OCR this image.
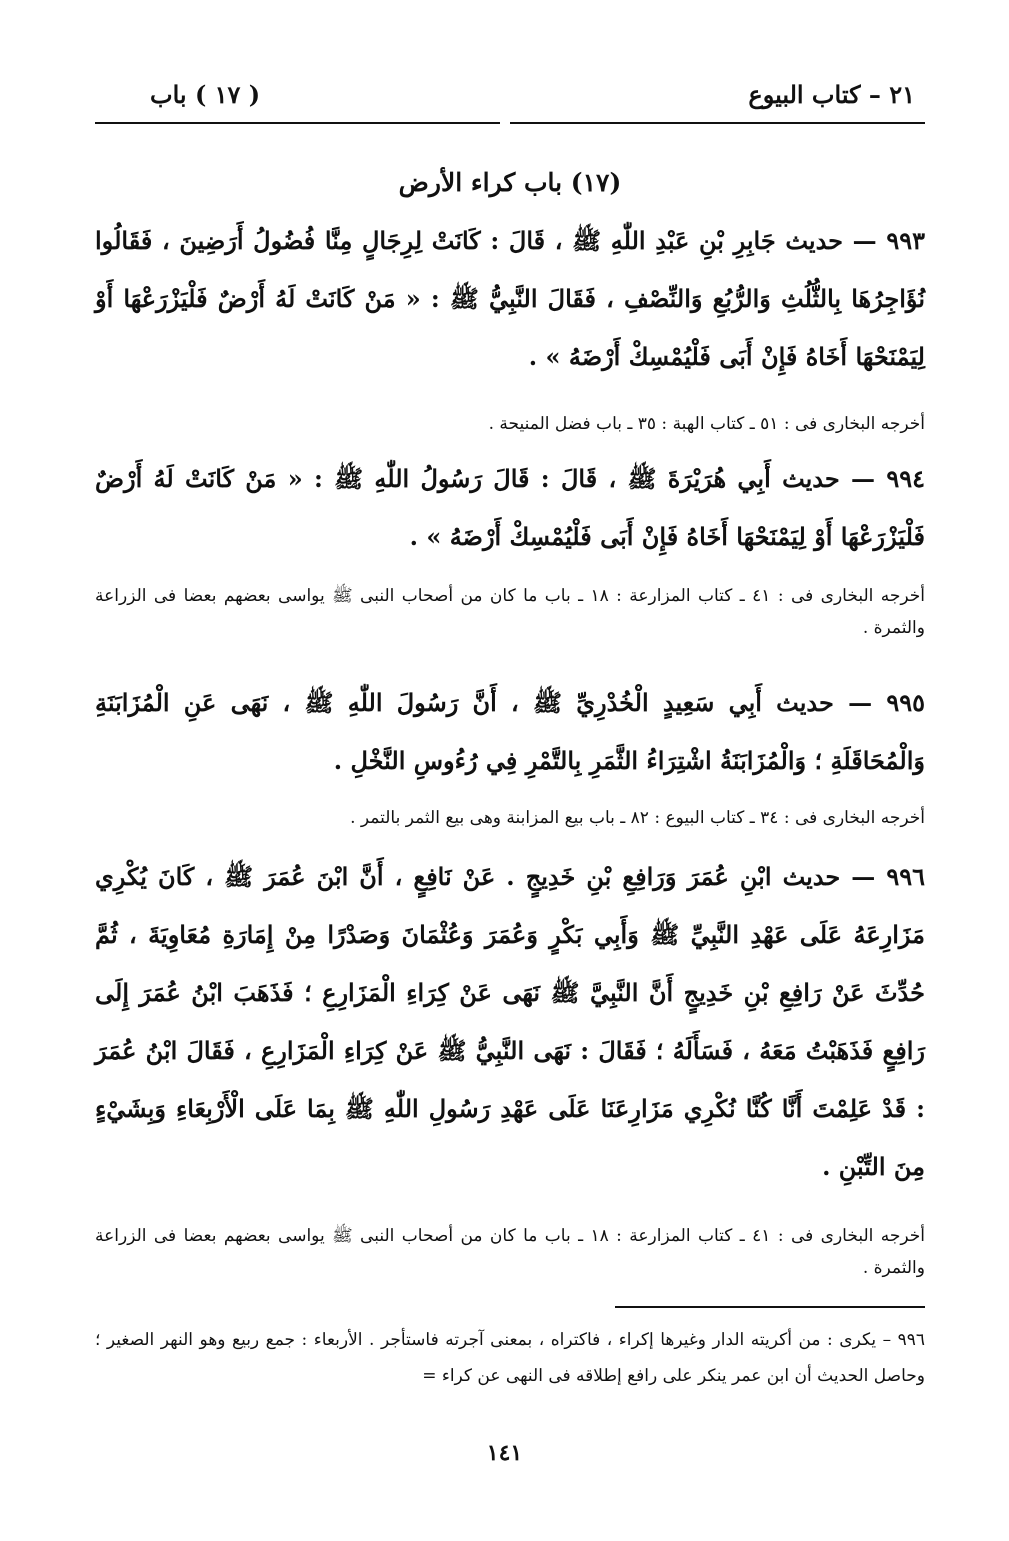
٢١ – كتاب البيوع
( ١٧ ) باب
(١٧) باب كراء الأرض
٩٩٣ — حديث جَابِرِ بْنِ عَبْدِ اللّٰهِ ﷺ ، قَالَ : كَانَتْ لِرِجَالٍ مِنَّا فُضُولُ أَرَضِينَ ، فَقَالُوا نُؤَاجِرُهَا بِالثُّلُثِ وَالرُّبُعِ وَالنِّصْفِ ، فَقَالَ النَّبِيُّ ﷺ : « مَنْ كَانَتْ لَهُ أَرْضٌ فَلْيَزْرَعْهَا أَوْ لِيَمْنَحْهَا أَخَاهُ فَإِنْ أَبَى فَلْيُمْسِكْ أَرْضَهُ » .
أخرجه البخارى فى : ٥١ ـ كتاب الهبة : ٣٥ ـ باب فضل المنيحة .
٩٩٤ — حديث أَبِي هُرَيْرَةَ ﷺ ، قَالَ : قَالَ رَسُولُ اللّٰهِ ﷺ : « مَنْ كَانَتْ لَهُ أَرْضٌ فَلْيَزْرَعْهَا أَوْ لِيَمْنَحْهَا أَخَاهُ فَإِنْ أَبَى فَلْيُمْسِكْ أَرْضَهُ » .
أخرجه البخارى فى : ٤١ ـ كتاب المزارعة : ١٨ ـ باب ما كان من أصحاب النبى ﷺ يواسى بعضهم بعضا فى الزراعة والثمرة .
٩٩٥ — حديث أَبِي سَعِيدٍ الْخُدْرِيِّ ﷺ ، أَنَّ رَسُولَ اللّٰهِ ﷺ ، نَهَى عَنِ الْمُزَابَنَةِ وَالْمُحَاقَلَةِ ؛ وَالْمُزَابَنَةُ اشْتِرَاءُ الثَّمَرِ بِالتَّمْرِ فِي رُءُوسِ النَّخْلِ .
أخرجه البخارى فى : ٣٤ ـ كتاب البيوع : ٨٢ ـ باب بيع المزابنة وهى بيع الثمر بالتمر .
٩٩٦ — حديث ابْنِ عُمَرَ وَرَافِعِ بْنِ خَدِيجٍ . عَنْ نَافِعٍ ، أَنَّ ابْنَ عُمَرَ ﷺ ، كَانَ يُكْرِي مَزَارِعَهُ عَلَى عَهْدِ النَّبِيِّ ﷺ وَأَبِي بَكْرٍ وَعُمَرَ وَعُثْمَانَ وَصَدْرًا مِنْ إِمَارَةِ مُعَاوِيَةَ ، ثُمَّ حُدِّثَ عَنْ رَافِعِ بْنِ خَدِيجٍ أَنَّ النَّبِيَّ ﷺ نَهَى عَنْ كِرَاءِ الْمَزَارِعِ ؛ فَذَهَبَ ابْنُ عُمَرَ إِلَى رَافِعٍ فَذَهَبْتُ مَعَهُ ، فَسَأَلَهُ ؛ فَقَالَ : نَهَى النَّبِيُّ ﷺ عَنْ كِرَاءِ الْمَزَارِعِ ، فَقَالَ ابْنُ عُمَرَ : قَدْ عَلِمْتَ أَنَّا كُنَّا نُكْرِي مَزَارِعَنَا عَلَى عَهْدِ رَسُولِ اللّٰهِ ﷺ بِمَا عَلَى الْأَرْبِعَاءِ وَبِشَيْءٍ مِنَ التِّبْنِ .
أخرجه البخارى فى : ٤١ ـ كتاب المزارعة : ١٨ ـ باب ما كان من أصحاب النبى ﷺ يواسى بعضهم بعضا فى الزراعة والثمرة .
٩٩٦ – يكرى : من أكريته الدار وغيرها إكراء ، فاكتراه ، بمعنى آجرته فاستأجر . الأربعاء : جمع ربيع وهو النهر الصغير ؛ وحاصل الحديث أن ابن عمر ينكر على رافع إطلاقه فى النهى عن كراء =
١٤١
